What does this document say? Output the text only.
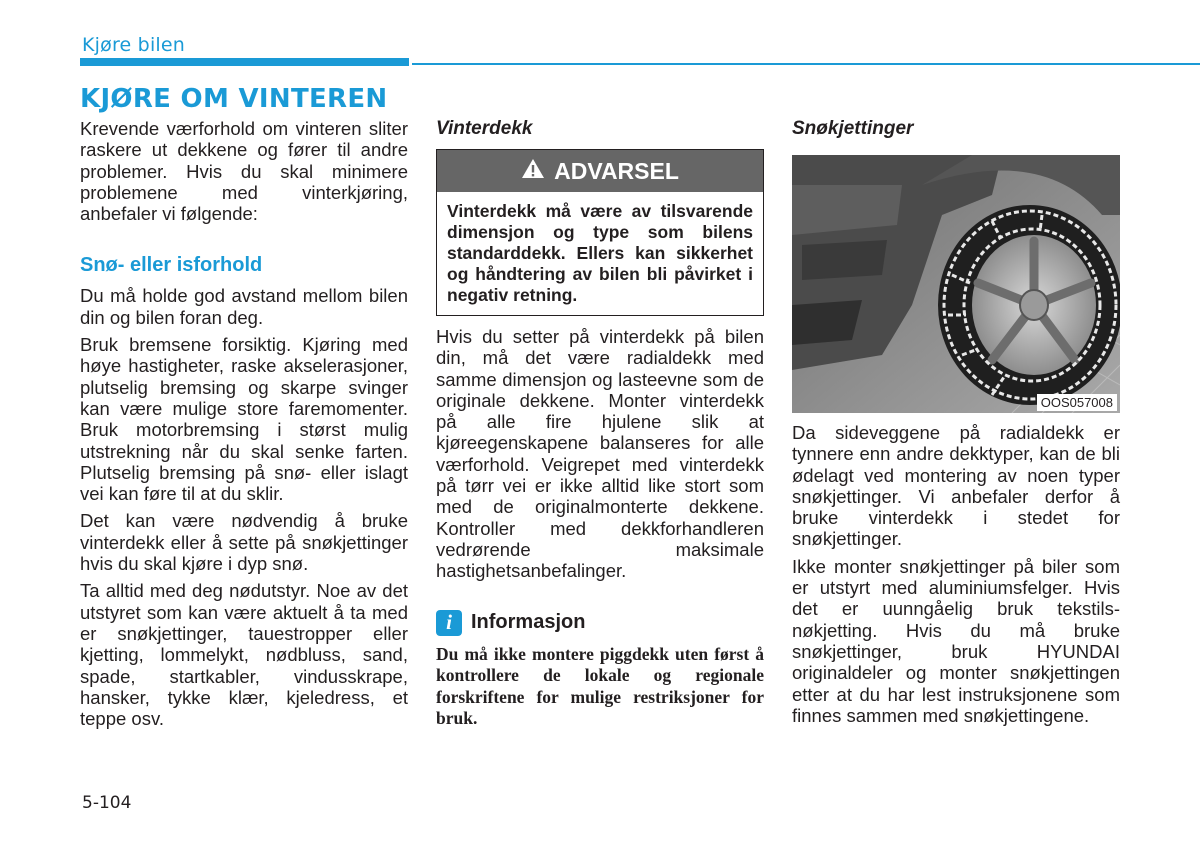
Kjøre bilen
KJØRE OM VINTEREN

Krevende værforhold om vinteren sliter raskere ut dekkene og fører til andre problemer. Hvis du skal minimere problemene med vinterkjøring, anbefaler vi følgende:

Snø- eller isforhold

Du må holde god avstand mellom bilen din og bilen foran deg.

Bruk bremsene forsiktig. Kjøring med høye hastigheter, raske akselerasjoner, plutselig bremsing og skarpe svinger kan være mulige store faremomenter. Bruk motorbremsing i størst mulig utstrekning når du skal senke farten. Plutselig bremsing på snø- eller islagt vei kan føre til at du sklir.

Det kan være nødvendig å bruke vinterdekk eller å sette på snøkjettinger hvis du skal kjøre i dyp snø.

Ta alltid med deg nødutstyr. Noe av det utstyret som kan være aktuelt å ta med er snøkjettinger, tauestropper eller kjetting, lommelykt, nødbluss, sand, spade, startkabler, vindusskrape, hansker, tykke klær, kjeledress, et teppe osv.

Vinterdekk
ADVARSEL
Vinterdekk må være av tilsvarende dimensjon og type som bilens standarddekk. Ellers kan sikkerhet og håndtering av bilen bli påvirket i negativ retning.

Hvis du setter på vinterdekk på bilen din, må det være radialdekk med samme dimensjon og lasteevne som de originale dekkene. Monter vinterdekk på alle fire hjulene slik at kjøreegenskapene balanseres for alle værforhold. Veigrepet med vinterdekk på tørr vei er ikke alltid like stort som med de originalmonterte dekkene. Kontroller med dekkforhandleren vedrørende maksimale hastighetsanbefalinger.

i Informasjon
Du må ikke montere piggdekk uten først å kontrollere de lokale og regionale forskriftene for mulige restriksjoner for bruk.
Snøkjettinger
OOS057008

Da sideveggene på radialdekk er tynnere enn andre dekktyper, kan de bli ødelagt ved montering av noen typer snøkjettinger. Vi anbefaler derfor å bruke vinterdekk i stedet for snøkjettinger.

Ikke monter snøkjettinger på biler som er utstyrt med aluminiumsfelger. Hvis det er uunngåelig bruk tekstilsnøkjetting. Hvis du må bruke snøkjettinger, bruk HYUNDAI originaldeler og monter snøkjettingen etter at du har lest instruksjonene som finnes sammen med snøkjettingene.

5-104
